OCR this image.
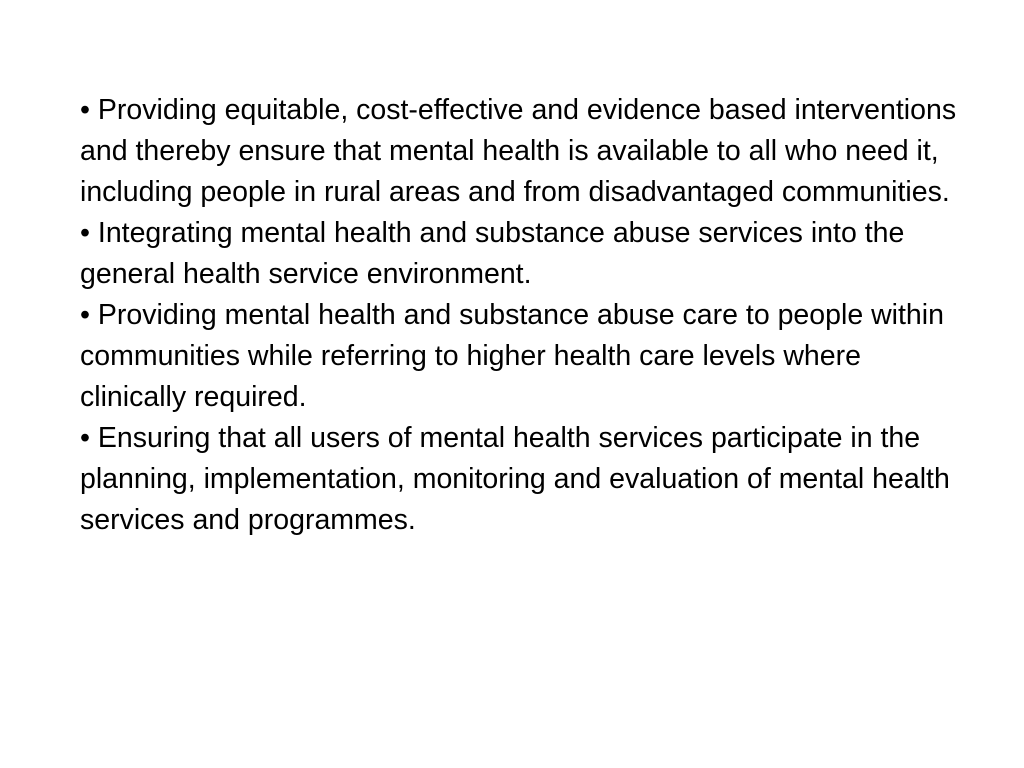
• Providing equitable, cost-effective and evidence based interventions and thereby ensure that mental health is available to all who need it, including people in rural areas and from disadvantaged communities.
• Integrating mental health and substance abuse services into the general health service environment.
• Providing mental health and substance abuse care to people within communities while referring to higher health care levels where clinically required.
• Ensuring that all users of mental health services participate in the planning, implementation, monitoring and evaluation of mental health services and programmes.
